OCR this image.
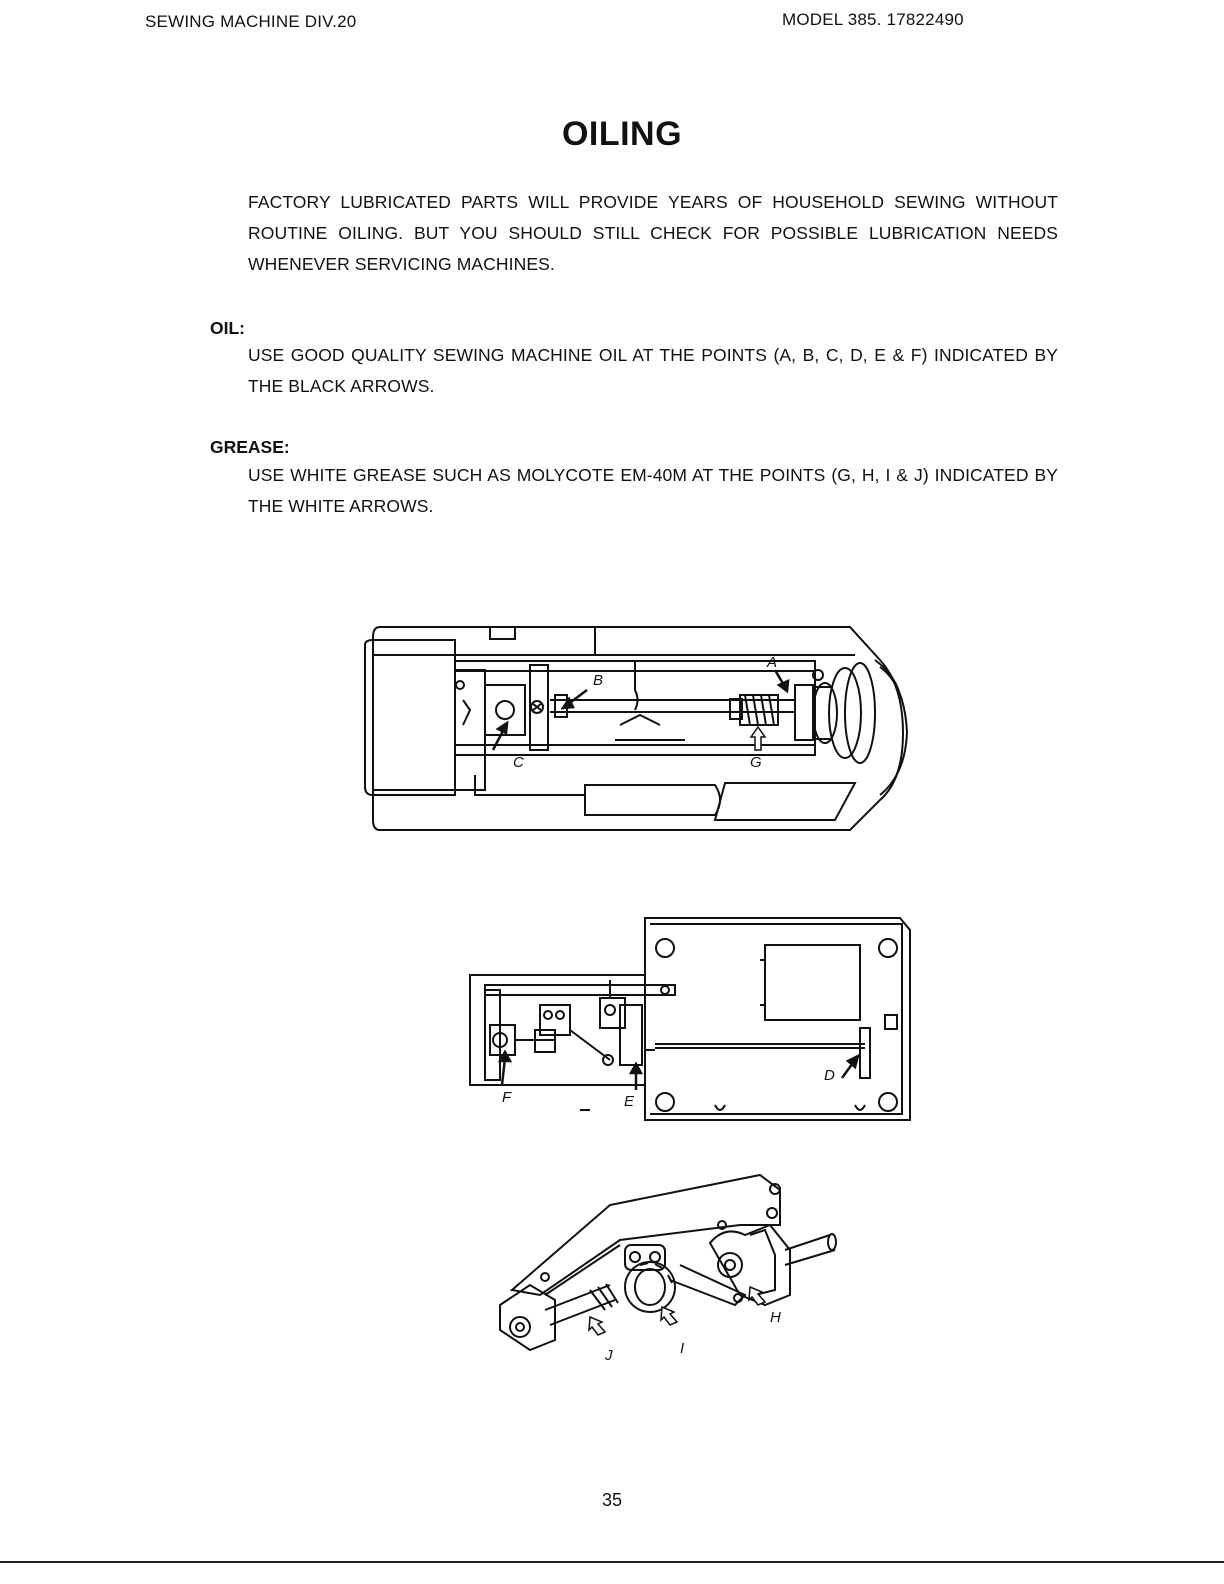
SEWING MACHINE DIV.20	MODEL 385. 17822490
OILING
FACTORY LUBRICATED PARTS WILL PROVIDE YEARS OF HOUSEHOLD SEWING WITHOUT ROUTINE OILING. BUT YOU SHOULD STILL CHECK FOR POSSIBLE LUBRICATION NEEDS WHENEVER SERVICING MACHINES.
OIL:
USE GOOD QUALITY SEWING MACHINE OIL AT THE POINTS (A, B, C, D, E & F) INDICATED BY THE BLACK ARROWS.
GREASE:
USE WHITE GREASE SUCH AS MOLYCOTE EM-40M AT THE POINTS (G, H, I & J) INDICATED BY THE WHITE ARROWS.
A
B
C	G
D
E
F
H
I
J
35
